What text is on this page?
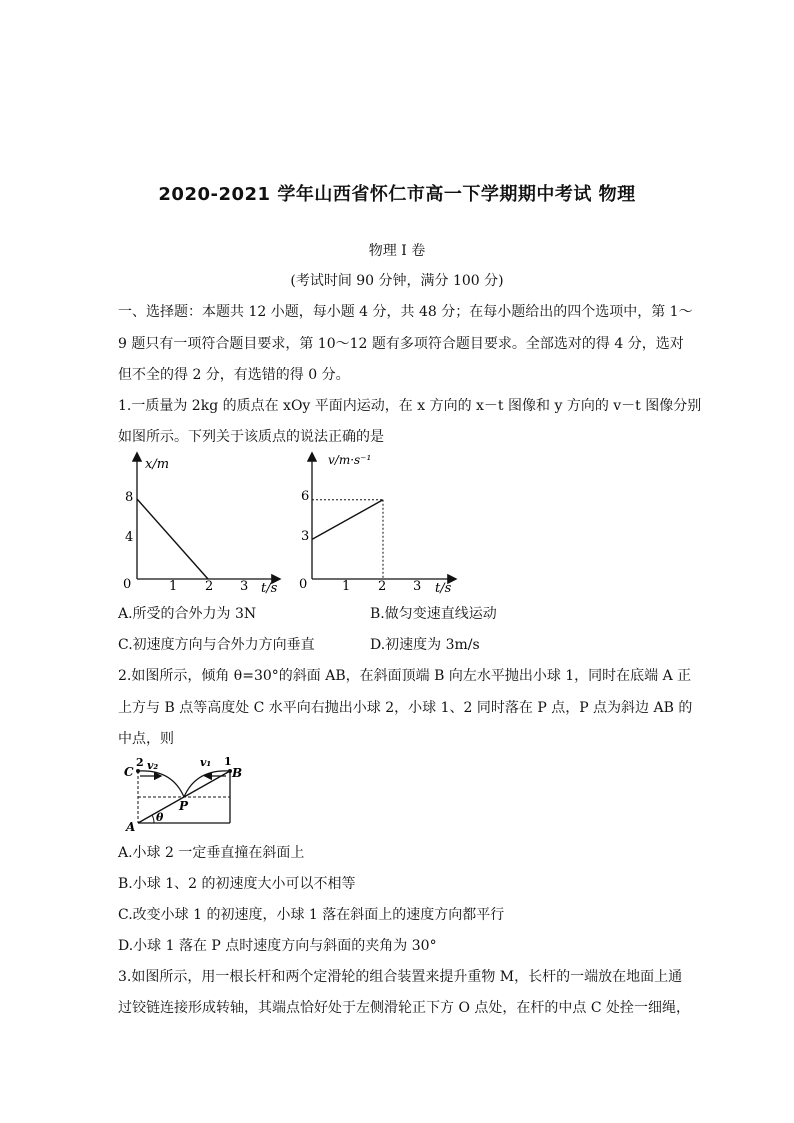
2020-2021 学年山西省怀仁市高一下学期期中考试 物理
物理 I 卷
(考试时间 90 分钟，满分 100 分)
一、选择题：本题共 12 小题，每小题 4 分，共 48 分；在每小题给出的四个选项中，第 1～
9 题只有一项符合题目要求，第 10～12 题有多项符合题目要求。全部选对的得 4 分，选对
但不全的得 2 分，有选错的得 0 分。
1.一质量为 2kg 的质点在 xOy 平面内运动，在 x 方向的 x－t 图像和 y 方向的 v－t 图像分别
如图所示。下列关于该质点的说法正确的是
x/m
t/s
0
8
4
1 2 3
v/m·s⁻¹
t/s
0
6
3
1 2 3
A.所受的合外力为 3N	B.做匀变速直线运动
C.初速度方向与合外力方向垂直	D.初速度为 3m/s
2.如图所示，倾角 θ=30°的斜面 AB，在斜面顶端 B 向左水平抛出小球 1，同时在底端 A 正
上方与 B 点等高度处 C 水平向右抛出小球 2，小球 1、2 同时落在 P 点，P 点为斜边 AB 的
中点，则
C
2 v₂	v₁ 1
B
P
A
θ
A.小球 2 一定垂直撞在斜面上
B.小球 1、2 的初速度大小可以不相等
C.改变小球 1 的初速度，小球 1 落在斜面上的速度方向都平行
D.小球 1 落在 P 点时速度方向与斜面的夹角为 30°
3.如图所示，用一根长杆和两个定滑轮的组合装置来提升重物 M，长杆的一端放在地面上通
过铰链连接形成转轴，其端点恰好处于左侧滑轮正下方 O 点处，在杆的中点 C 处拴一细绳，
